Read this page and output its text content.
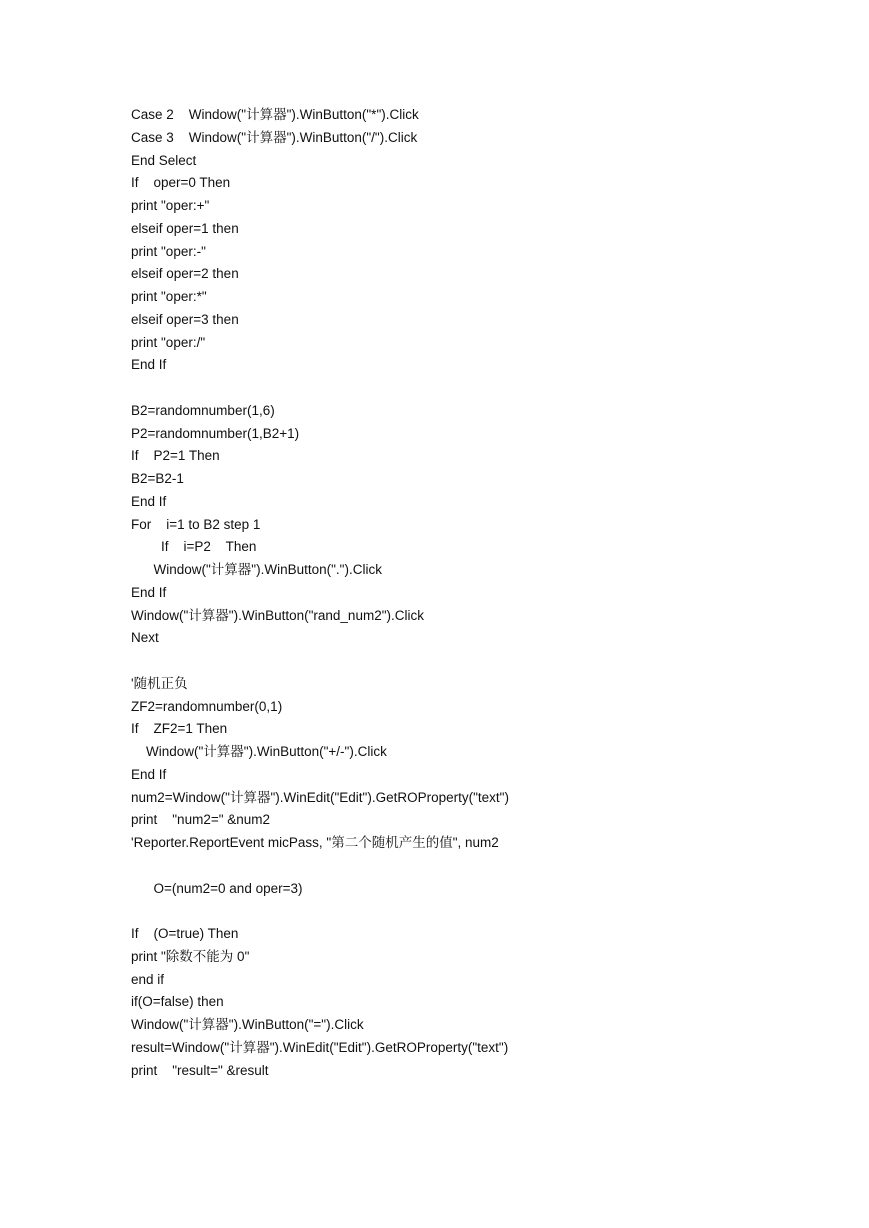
Case 2    Window("计算器").WinButton("*").Click
Case 3    Window("计算器").WinButton("/").Click
End Select
If    oper=0 Then
print "oper:+"
elseif oper=1 then
print "oper:-"
elseif oper=2 then
print "oper:*"
elseif oper=3 then
print "oper:/"
End If
B2=randomnumber(1,6)
P2=randomnumber(1,B2+1)
If    P2=1 Then
B2=B2-1
End If
For    i=1 to B2 step 1
If    i=P2    Then
Window("计算器").WinButton(".").Click
End If
Window("计算器").WinButton("rand_num2").Click
Next
'随机正负
ZF2=randomnumber(0,1)
If    ZF2=1 Then
Window("计算器").WinButton("+/-").Click
End If
num2=Window("计算器").WinEdit("Edit").GetROProperty("text")
print    "num2=" &num2
'Reporter.ReportEvent micPass, "第二个随机产生的值", num2
O=(num2=0 and oper=3)
If    (O=true) Then
print "除数不能为 0"
end if
if(O=false) then
Window("计算器").WinButton("=").Click
result=Window("计算器").WinEdit("Edit").GetROProperty("text")
print    "result=" &result
